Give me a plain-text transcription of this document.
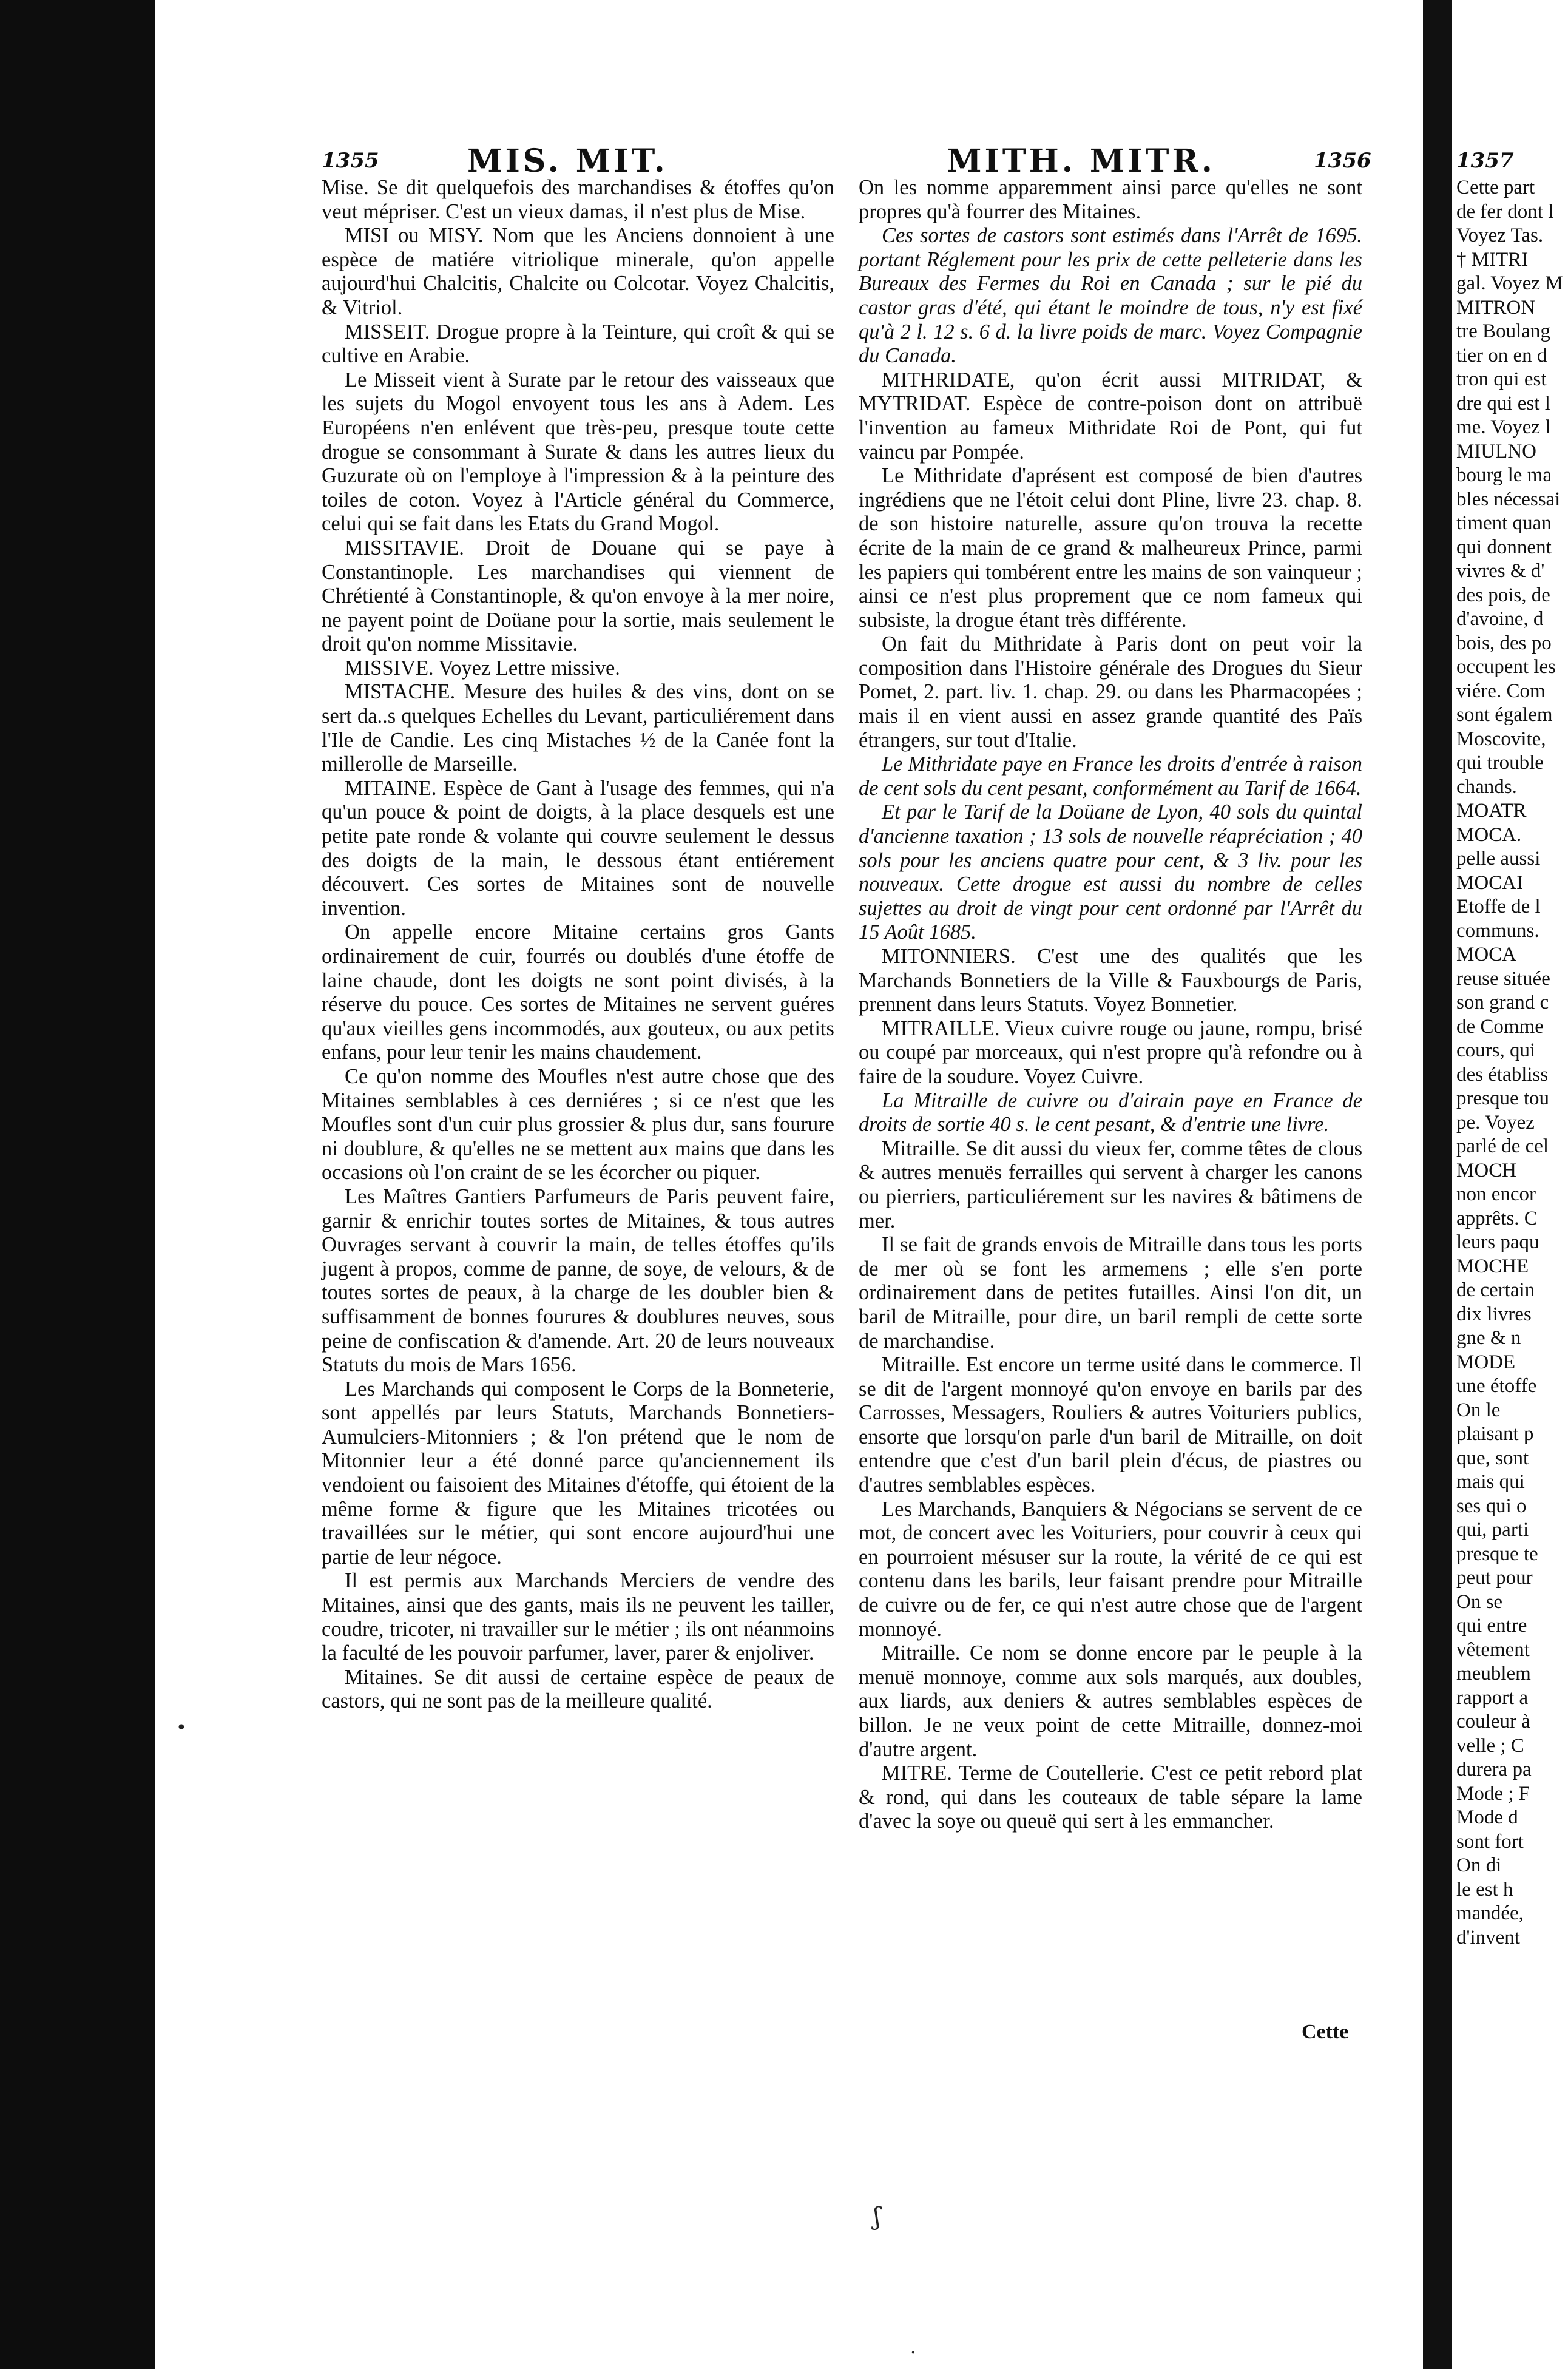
1355	MIS. MIT.	MITH. MITR.	1356

Mise. Se dit quelquefois des marchandises & étoffes qu'on veut mépriser. C'est un vieux damas, il n'est plus de Mise.

MISI ou MISY. Nom que les Anciens donnoient à une espèce de matiére vitriolique minerale, qu'on appelle aujourd'hui Chalcitis, Chalcite ou Colcotar. Voyez Chalcitis, & Vitriol.

MISSEIT. Drogue propre à la Teinture, qui croît & qui se cultive en Arabie.

Le Misseit vient à Surate par le retour des vaisseaux que les sujets du Mogol envoyent tous les ans à Adem. Les Européens n'en enlévent que très-peu, presque toute cette drogue se consommant à Surate & dans les autres lieux du Guzurate où on l'employe à l'impression & à la peinture des toiles de coton. Voyez à l'Article général du Commerce, celui qui se fait dans les Etats du Grand Mogol.

MISSITAVIE. Droit de Douane qui se paye à Constantinople. Les marchandises qui viennent de Chrétienté à Constantinople, & qu'on envoye à la mer noire, ne payent point de Doüane pour la sortie, mais seulement le droit qu'on nomme Missitavie.

MISSIVE. Voyez Lettre missive.

MISTACHE. Mesure des huiles & des vins, dont on se sert da..s quelques Echelles du Levant, particuliérement dans l'Ile de Candie. Les cinq Mistaches ½ de la Canée font la millerolle de Marseille.

MITAINE. Espèce de Gant à l'usage des femmes, qui n'a qu'un pouce & point de doigts, à la place desquels est une petite pate ronde & volante qui couvre seulement le dessus des doigts de la main, le dessous étant entiérement découvert. Ces sortes de Mitaines sont de nouvelle invention.

On appelle encore Mitaine certains gros Gants ordinairement de cuir, fourrés ou doublés d'une étoffe de laine chaude, dont les doigts ne sont point divisés, à la réserve du pouce. Ces sortes de Mitaines ne servent guéres qu'aux vieilles gens incommodés, aux gouteux, ou aux petits enfans, pour leur tenir les mains chaudement.

Ce qu'on nomme des Moufles n'est autre chose que des Mitaines semblables à ces derniéres ; si ce n'est que les Moufles sont d'un cuir plus grossier & plus dur, sans fourure ni doublure, & qu'elles ne se mettent aux mains que dans les occasions où l'on craint de se les écorcher ou piquer.

Les Maîtres Gantiers Parfumeurs de Paris peuvent faire, garnir & enrichir toutes sortes de Mitaines, & tous autres Ouvrages servant à couvrir la main, de telles étoffes qu'ils jugent à propos, comme de panne, de soye, de velours, & de toutes sortes de peaux, à la charge de les doubler bien & suffisamment de bonnes fourures & doublures neuves, sous peine de confiscation & d'amende. Art. 20 de leurs nouveaux Statuts du mois de Mars 1656.

Les Marchands qui composent le Corps de la Bonneterie, sont appellés par leurs Statuts, Marchands Bonnetiers-Aumulciers-Mitonniers ; & l'on prétend que le nom de Mitonnier leur a été donné parce qu'anciennement ils vendoient ou faisoient des Mitaines d'étoffe, qui étoient de la même forme & figure que les Mitaines tricotées ou travaillées sur le métier, qui sont encore aujourd'hui une partie de leur négoce.

Il est permis aux Marchands Merciers de vendre des Mitaines, ainsi que des gants, mais ils ne peuvent les tailler, coudre, tricoter, ni travailler sur le métier ; ils ont néanmoins la faculté de les pouvoir parfumer, laver, parer & enjoliver.

Mitaines. Se dit aussi de certaine espèce de peaux de castors, qui ne sont pas de la meilleure qualité.

On les nomme apparemment ainsi parce qu'elles ne sont propres qu'à fourrer des Mitaines.

Ces sortes de castors sont estimés dans l'Arrêt de 1695. portant Réglement pour les prix de cette pelleterie dans les Bureaux des Fermes du Roi en Canada ; sur le pié du castor gras d'été, qui étant le moindre de tous, n'y est fixé qu'à 2 l. 12 s. 6 d. la livre poids de marc. Voyez Compagnie du Canada.

MITHRIDATE, qu'on écrit aussi MITRIDAT, & MYTRIDAT. Espèce de contre-poison dont on attribuë l'invention au fameux Mithridate Roi de Pont, qui fut vaincu par Pompée.

Le Mithridate d'aprésent est composé de bien d'autres ingrédiens que ne l'étoit celui dont Pline, livre 23. chap. 8. de son histoire naturelle, assure qu'on trouva la recette écrite de la main de ce grand & malheureux Prince, parmi les papiers qui tombérent entre les mains de son vainqueur ; ainsi ce n'est plus proprement que ce nom fameux qui subsiste, la drogue étant très différente.

On fait du Mithridate à Paris dont on peut voir la composition dans l'Histoire générale des Drogues du Sieur Pomet, 2. part. liv. 1. chap. 29. ou dans les Pharmacopées ; mais il en vient aussi en assez grande quantité des Païs étrangers, sur tout d'Italie.

Le Mithridate paye en France les droits d'entrée à raison de cent sols du cent pesant, conformément au Tarif de 1664.

Et par le Tarif de la Doüane de Lyon, 40 sols du quintal d'ancienne taxation ; 13 sols de nouvelle réapréciation ; 40 sols pour les anciens quatre pour cent, & 3 liv. pour les nouveaux. Cette drogue est aussi du nombre de celles sujettes au droit de vingt pour cent ordonné par l'Arrêt du 15 Août 1685.

MITONNIERS. C'est une des qualités que les Marchands Bonnetiers de la Ville & Fauxbourgs de Paris, prennent dans leurs Statuts. Voyez Bonnetier.

MITRAILLE. Vieux cuivre rouge ou jaune, rompu, brisé ou coupé par morceaux, qui n'est propre qu'à refondre ou à faire de la soudure. Voyez Cuivre.

La Mitraille de cuivre ou d'airain paye en France de droits de sortie 40 s. le cent pesant, & d'entrie une livre.

Mitraille. Se dit aussi du vieux fer, comme têtes de clous & autres menuës ferrailles qui servent à charger les canons ou pierriers, particuliérement sur les navires & bâtimens de mer.

Il se fait de grands envois de Mitraille dans tous les ports de mer où se font les armemens ; elle s'en porte ordinairement dans de petites futailles. Ainsi l'on dit, un baril de Mitraille, pour dire, un baril rempli de cette sorte de marchandise.

Mitraille. Est encore un terme usité dans le commerce. Il se dit de l'argent monnoyé qu'on envoye en barils par des Carrosses, Messagers, Rouliers & autres Voituriers publics, ensorte que lorsqu'on parle d'un baril de Mitraille, on doit entendre que c'est d'un baril plein d'écus, de piastres ou d'autres semblables espèces.

Les Marchands, Banquiers & Négocians se servent de ce mot, de concert avec les Voituriers, pour couvrir à ceux qui en pourroient mésuser sur la route, la vérité de ce qui est contenu dans les barils, leur faisant prendre pour Mitraille de cuivre ou de fer, ce qui n'est autre chose que de l'argent monnoyé.

Mitraille. Ce nom se donne encore par le peuple à la menuë monnoye, comme aux sols marqués, aux doubles, aux liards, aux deniers & autres semblables espèces de billon. Je ne veux point de cette Mitraille, donnez-moi d'autre argent.

MITRE. Terme de Coutellerie. C'est ce petit rebord plat & rond, qui dans les couteaux de table sépare la lame d'avec la soye ou queuë qui sert à les emmancher.

Cette
1357
Cette part
de fer dont l
Voyez Tas.
† MITRI
gal. Voyez M
MITRON
tre Boulang
tier on en d
tron qui est
dre qui est l
me. Voyez l
MIULNO
bourg le ma
bles nécessai
timent quan
qui donnent
vivres & d'
des pois, de
d'avoine, d
bois, des po
occupent les
viére. Com
sont égalem
Moscovite,
qui trouble
chands.
MOATR
MOCA.
pelle aussi
MOCAI
Etoffe de l
communs.
MOCA
reuse située
son grand c
de Comme
cours, qui
des établiss
presque tou
pe. Voyez
parlé de cel
MOCH
non encor
apprêts. C
leurs paqu
MOCHE
de certain
dix livres
gne & n
MODE
une étoffe
On le
plaisant p
que, sont
mais qui
ses qui o
qui, parti
presque te
peut pour
On se
qui entre
vêtement
meublem
rapport a
couleur à
velle ; C
durera pa
Mode ; F
Mode d
sont fort
On di
le est h
mandée,
d'invent
•
ʃ
·
